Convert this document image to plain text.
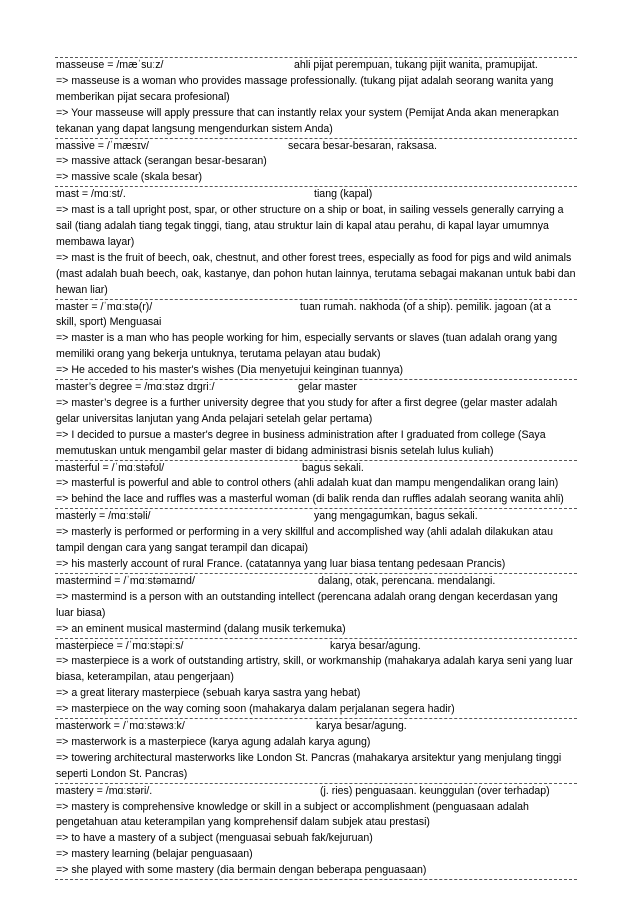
masseuse = /mæˈsuːz/	ahli pijat perempuan, tukang pijit wanita, pramupijat.
=> masseuse is a woman who provides massage professionally. (tukang pijat adalah seorang wanita yang memberikan pijat secara profesional)
=> Your masseuse will apply pressure that can instantly relax your system (Pemijat Anda akan menerapkan tekanan yang dapat langsung mengendurkan sistem Anda)
massive = /ˈmæsɪv/	secara besar-besaran, raksasa.
=> massive attack (serangan besar-besaran)
=> massive scale (skala besar)
mast = /mɑːst/.	tiang (kapal)
=> mast is a tall upright post, spar, or other structure on a ship or boat, in sailing vessels generally carrying a sail (tiang adalah tiang tegak tinggi, tiang, atau struktur lain di kapal atau perahu, di kapal layar umumnya membawa layar)
=> mast is the fruit of beech, oak, chestnut, and other forest trees, especially as food for pigs and wild animals (mast adalah buah beech, oak, kastanye, dan pohon hutan lainnya, terutama sebagai makanan untuk babi dan hewan liar)
master = /ˈmɑːstə(r)/	tuan rumah. nakhoda (of a ship). pemilik. jagoan (at a
skill, sport) Menguasai
=> master is a man who has people working for him, especially servants or slaves (tuan adalah orang yang memiliki orang yang bekerja untuknya, terutama pelayan atau budak)
=> He acceded to his master's wishes (Dia menyetujui keinginan tuannya)
master’s degree = /mɑːstəz dɪɡriː/	gelar master
=> master’s degree is a further university degree that you study for after a first degree (gelar master adalah gelar universitas lanjutan yang Anda pelajari setelah gelar pertama)
=> I decided to pursue a master's degree in business administration after I graduated from college (Saya memutuskan untuk mengambil gelar master di bidang administrasi bisnis setelah lulus kuliah)
masterful = /ˈmɑːstəfʊl/	bagus sekali.
=> masterful is powerful and able to control others (ahli adalah kuat dan mampu mengendalikan orang lain)
=> behind the lace and ruffles was a masterful woman (di balik renda dan ruffles adalah seorang wanita ahli)
masterly = /mɑːstəli/	yang mengagumkan, bagus sekali.
=> masterly is performed or performing in a very skillful and accomplished way (ahli adalah dilakukan atau tampil dengan cara yang sangat terampil dan dicapai)
=> his masterly account of rural France. (catatannya yang luar biasa tentang pedesaan Prancis)
mastermind = /ˈmɑːstəmaɪnd/	dalang, otak, perencana. mendalangi.
=> mastermind is a person with an outstanding intellect (perencana adalah orang dengan kecerdasan yang luar biasa)
=> an eminent musical mastermind (dalang musik terkemuka)
masterpiece = /ˈmɑːstəpiːs/	karya besar/agung.
=> masterpiece is a work of outstanding artistry, skill, or workmanship (mahakarya adalah karya seni yang luar biasa, keterampilan, atau pengerjaan)
=> a great literary masterpiece (sebuah karya sastra yang hebat)
=> masterpiece on the way coming soon (mahakarya dalam perjalanan segera hadir)
masterwork = /ˈmɑːstəwɜːk/	karya besar/agung.
=> masterwork is a masterpiece (karya agung adalah karya agung)
=> towering architectural masterworks like London St. Pancras (mahakarya arsitektur yang menjulang tinggi seperti London St. Pancras)
mastery = /mɑːstəri/.	(j. ries) penguasaan. keunggulan (over terhadap)
=> mastery is comprehensive knowledge or skill in a subject or accomplishment (penguasaan adalah pengetahuan atau keterampilan yang komprehensif dalam subjek atau prestasi)
=> to have a mastery of a subject (menguasai sebuah fak/kejuruan)
=> mastery learning (belajar penguasaan)
=> she played with some mastery (dia bermain dengan beberapa penguasaan)
